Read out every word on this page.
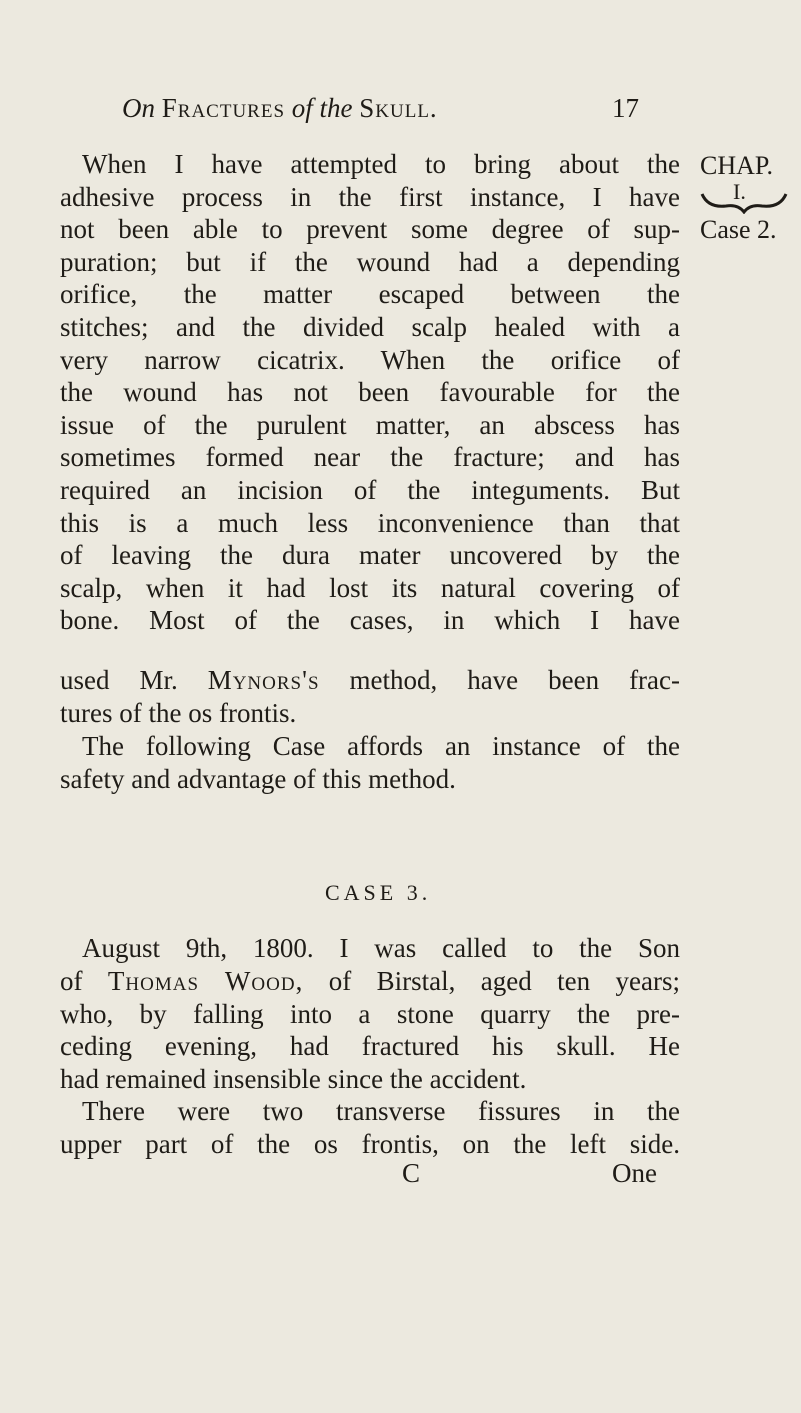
On Fractures of the Skull.	17
CHAP.
I.
Case 2.
When I have attempted to bring about the
adhesive process in the first instance, I have
not been able to prevent some degree of sup-
puration; but if the wound had a depending
orifice, the matter escaped between the
stitches; and the divided scalp healed with a
very narrow cicatrix. When the orifice of
the wound has not been favourable for the
issue of the purulent matter, an abscess has
sometimes formed near the fracture; and has
required an incision of the integuments. But
this is a much less inconvenience than that
of leaving the dura mater uncovered by the
scalp, when it had lost its natural covering of
bone. Most of the cases, in which I have
used Mr. Mynors's method, have been frac-
tures of the os frontis.
The following Case affords an instance of the
safety and advantage of this method.
CASE 3.
August 9th, 1800. I was called to the Son
of Thomas Wood, of Birstal, aged ten years;
who, by falling into a stone quarry the pre-
ceding evening, had fractured his skull. He
had remained insensible since the accident.
There were two transverse fissures in the
upper part of the os frontis, on the left side.
C	One
